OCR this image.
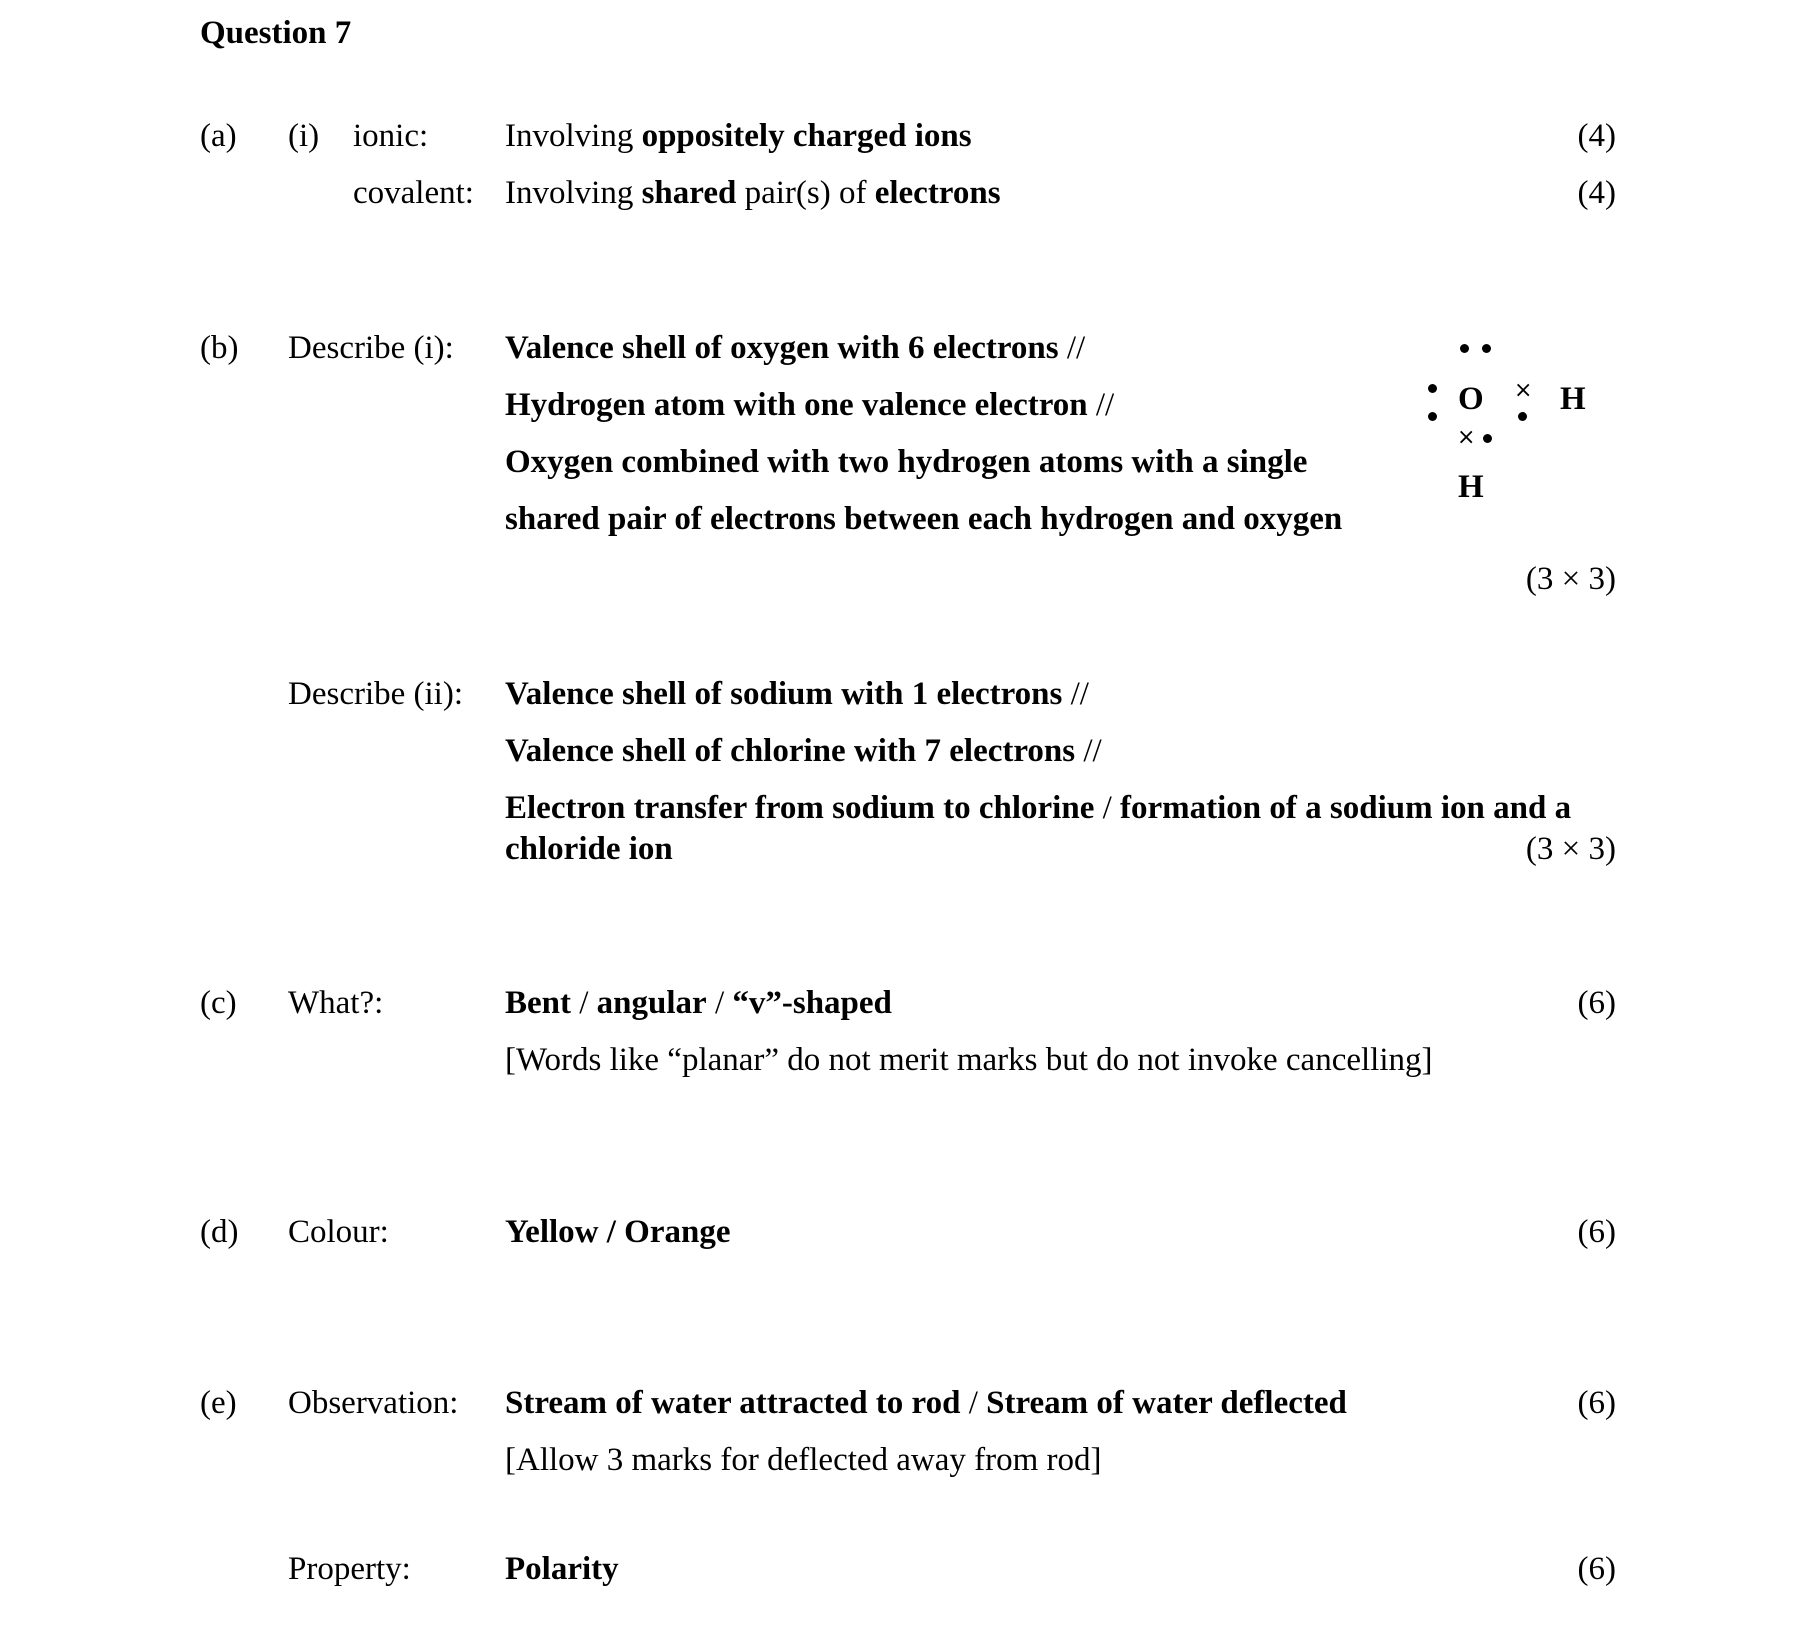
Question 7
(a) (i) ionic: Involving oppositely charged ions	(4)
covalent: Involving shared pair(s) of electrons	(4)
(b) Describe (i): Valence shell of oxygen with 6 electrons //
Hydrogen atom with one valence electron //
Oxygen combined with two hydrogen atoms with a single
shared pair of electrons between each hydrogen and oxygen
(3 × 3)
O × H
×
H
Describe (ii): Valence shell of sodium with 1 electrons //
Valence shell of chlorine with 7 electrons //
Electron transfer from sodium to chlorine / formation of a sodium ion and a
chloride ion	(3 × 3)
(c) What?:	Bent / angular / “v”-shaped	(6)
[Words like “planar” do not merit marks but do not invoke cancelling]
(d) Colour:	Yellow / Orange	(6)
(e) Observation: Stream of water attracted to rod / Stream of water deflected	(6)
[Allow 3 marks for deflected away from rod]
Property:	Polarity	(6)
